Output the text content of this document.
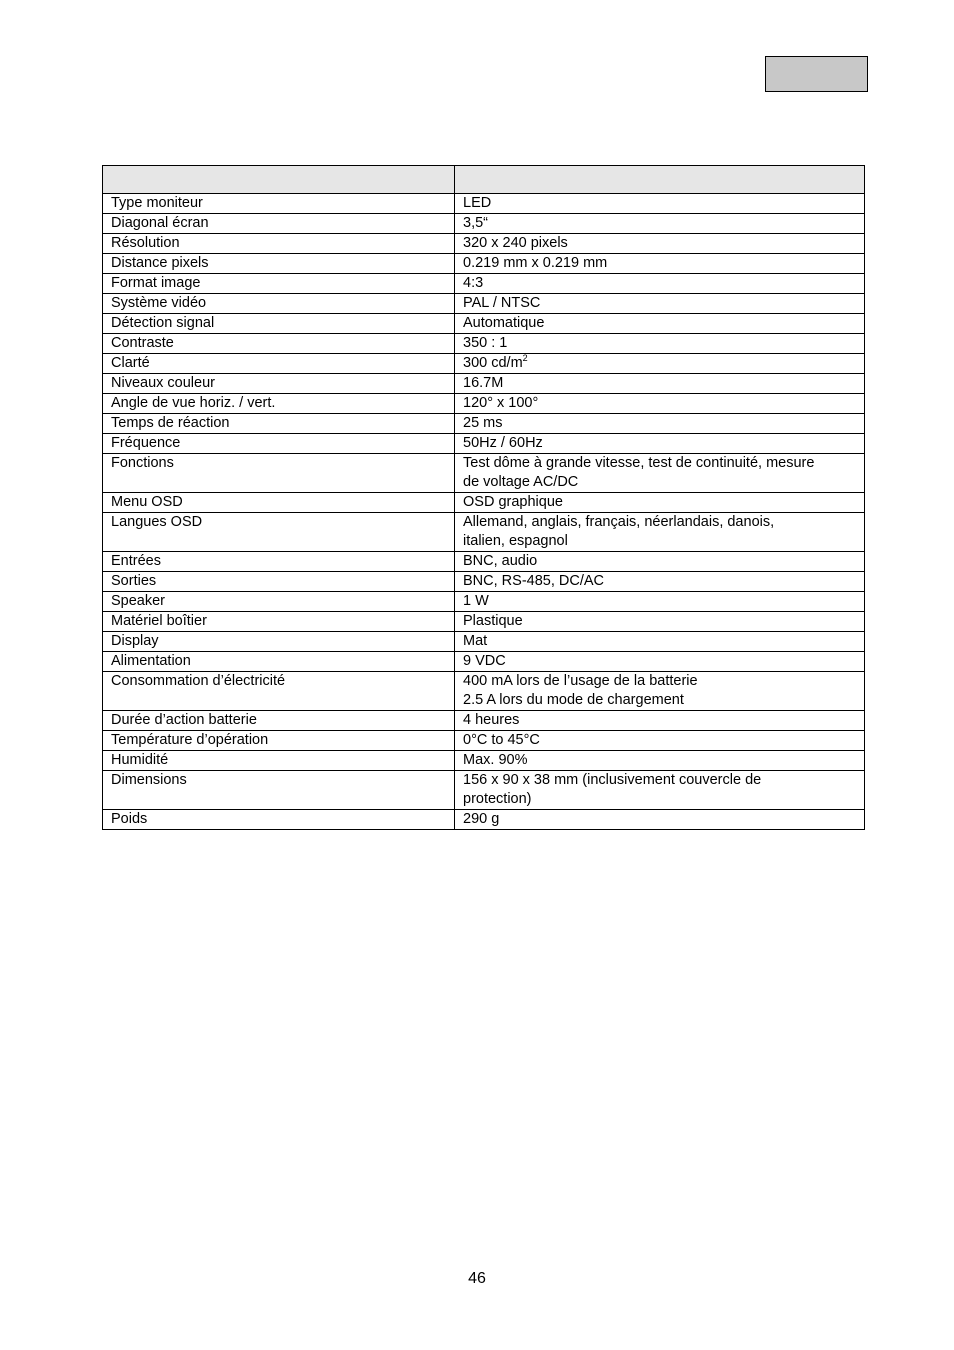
Type moniteur	LED
Diagonal écran	3,5“
Résolution	320 x 240 pixels
Distance pixels	0.219 mm x 0.219 mm
Format image	4:3
Système vidéo	PAL / NTSC
Détection signal	Automatique
Contraste	350 : 1
Clarté	300 $cd/m^2$
Niveaux couleur	16.7M
Angle de vue horiz. / vert.	120° x 100°
Temps de réaction	25 ms
Fréquence	50Hz / 60Hz
Fonctions	Test dôme à grande vitesse, test de continuité, mesure
de voltage AC/DC
Menu OSD	OSD graphique
Langues OSD	Allemand, anglais, français, néerlandais, danois,
italien, espagnol
Entrées	BNC, audio
Sorties	BNC, RS-485, DC/AC
Speaker	1 W
Matériel boîtier	Plastique
Display	Mat
Alimentation	9 VDC
Consommation d’électricité	400 mA lors de l’usage de la batterie
2.5 A lors du mode de chargement
Durée d’action batterie	4 heures
Température d’opération	0°C to 45°C
Humidité	Max. 90%
Dimensions	156 x 90 x 38 mm (inclusivement couvercle de
protection)
Poids	290 g
46
